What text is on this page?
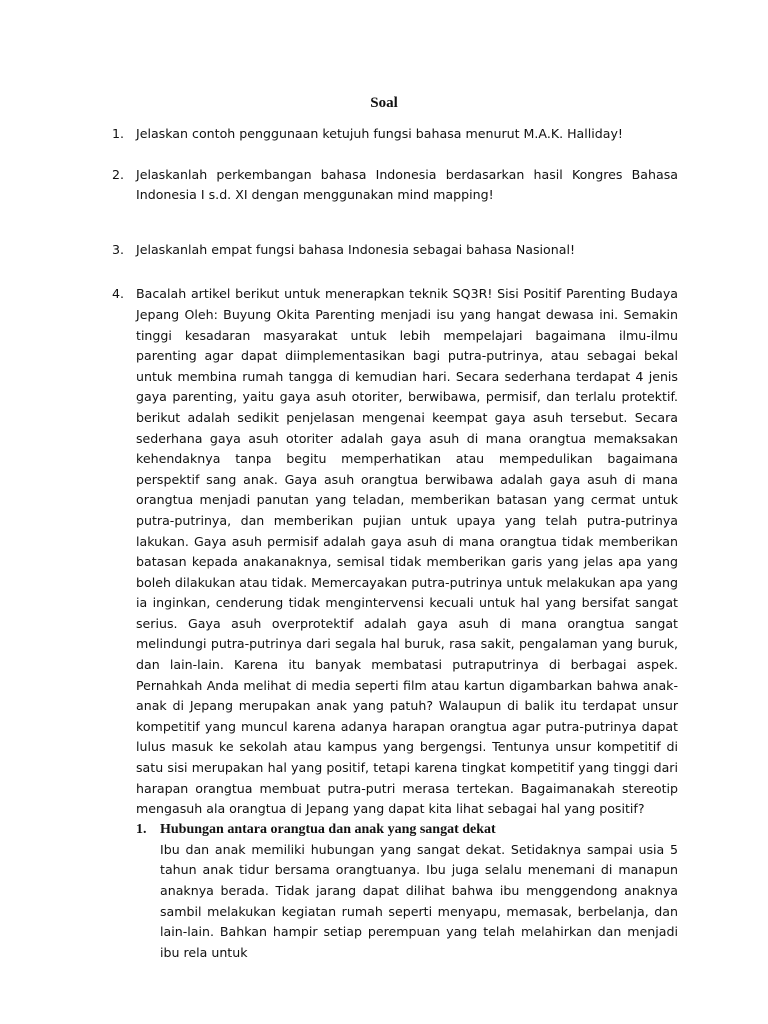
Soal
1. Jelaskan contoh penggunaan ketujuh fungsi bahasa menurut M.A.K. Halliday!
2. Jelaskanlah perkembangan bahasa Indonesia berdasarkan hasil Kongres Bahasa Indonesia I s.d. XI dengan menggunakan mind mapping!
3. Jelaskanlah empat fungsi bahasa Indonesia sebagai bahasa Nasional!
4. Bacalah artikel berikut untuk menerapkan teknik SQ3R! Sisi Positif Parenting Budaya Jepang Oleh: Buyung Okita Parenting menjadi isu yang hangat dewasa ini. Semakin tinggi kesadaran masyarakat untuk lebih mempelajari bagaimana ilmu-ilmu parenting agar dapat diimplementasikan bagi putra-putrinya, atau sebagai bekal untuk membina rumah tangga di kemudian hari. Secara sederhana terdapat 4 jenis gaya parenting, yaitu gaya asuh otoriter, berwibawa, permisif, dan terlalu protektif. berikut adalah sedikit penjelasan mengenai keempat gaya asuh tersebut. Secara sederhana gaya asuh otoriter adalah gaya asuh di mana orangtua memaksakan kehendaknya tanpa begitu memperhatikan atau mempedulikan bagaimana perspektif sang anak. Gaya asuh orangtua berwibawa adalah gaya asuh di mana orangtua menjadi panutan yang teladan, memberikan batasan yang cermat untuk putra-putrinya, dan memberikan pujian untuk upaya yang telah putra-putrinya lakukan. Gaya asuh permisif adalah gaya asuh di mana orangtua tidak memberikan batasan kepada anakanaknya, semisal tidak memberikan garis yang jelas apa yang boleh dilakukan atau tidak. Memercayakan putra-putrinya untuk melakukan apa yang ia inginkan, cenderung tidak mengintervensi kecuali untuk hal yang bersifat sangat serius. Gaya asuh overprotektif adalah gaya asuh di mana orangtua sangat melindungi putra-putrinya dari segala hal buruk, rasa sakit, pengalaman yang buruk, dan lain-lain. Karena itu banyak membatasi putraputrinya di berbagai aspek. Pernahkah Anda melihat di media seperti film atau kartun digambarkan bahwa anak-anak di Jepang merupakan anak yang patuh? Walaupun di balik itu terdapat unsur kompetitif yang muncul karena adanya harapan orangtua agar putra-putrinya dapat lulus masuk ke sekolah atau kampus yang bergengsi. Tentunya unsur kompetitif di satu sisi merupakan hal yang positif, tetapi karena tingkat kompetitif yang tinggi dari harapan orangtua membuat putra-putri merasa tertekan. Bagaimanakah stereotip mengasuh ala orangtua di Jepang yang dapat kita lihat sebagai hal yang positif?
1. Hubungan antara orangtua dan anak yang sangat dekat
Ibu dan anak memiliki hubungan yang sangat dekat. Setidaknya sampai usia 5 tahun anak tidur bersama orangtuanya. Ibu juga selalu menemani di manapun anaknya berada. Tidak jarang dapat dilihat bahwa ibu menggendong anaknya sambil melakukan kegiatan rumah seperti menyapu, memasak, berbelanja, dan lain-lain. Bahkan hampir setiap perempuan yang telah melahirkan dan menjadi ibu rela untuk
